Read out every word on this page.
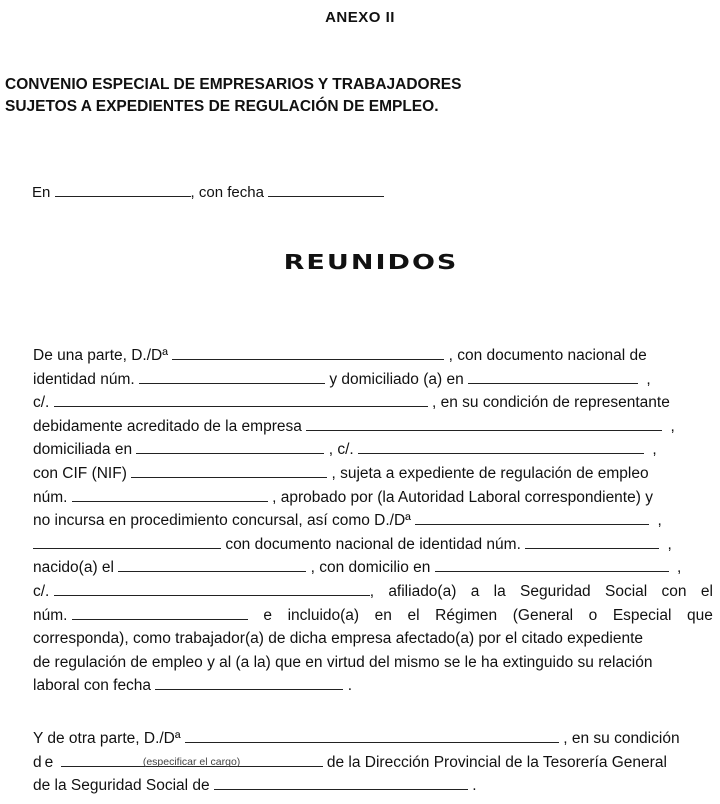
ANEXO II
CONVENIO ESPECIAL DE EMPRESARIOS Y TRABAJADORES
SUJETOS A EXPEDIENTES DE REGULACIÓN DE EMPLEO.
En	, con fecha
REUNIDOS
De una parte, D./Dª	, con documento nacional de
identidad núm.	y domiciliado (a) en	,
c/.	, en su condición de representante
debidamente acreditado de la empresa	,
domiciliada en	, c/.	,
con CIF (NIF)	, sujeta a expediente de regulación de empleo
núm.	, aprobado por (la Autoridad Laboral correspondiente) y
no incursa en procedimiento concursal, así como D./Dª	,
con documento nacional de identidad núm.	,
nacido(a) el	, con domicilio en	,
c/.	, afiliado(a) a la Seguridad Social con el
núm.	e incluido(a) en el Régimen (General o Especial que
corresponda), como trabajador(a) de dicha empresa afectado(a) por el citado expediente
de regulación de empleo y al (a la) que en virtud del mismo se le ha extinguido su relación
laboral con fecha	.
Y de otra parte, D./Dª	, en su condición
de	(especificar el cargo)	de la Dirección Provincial de la Tesorería General
de la Seguridad Social de	.
